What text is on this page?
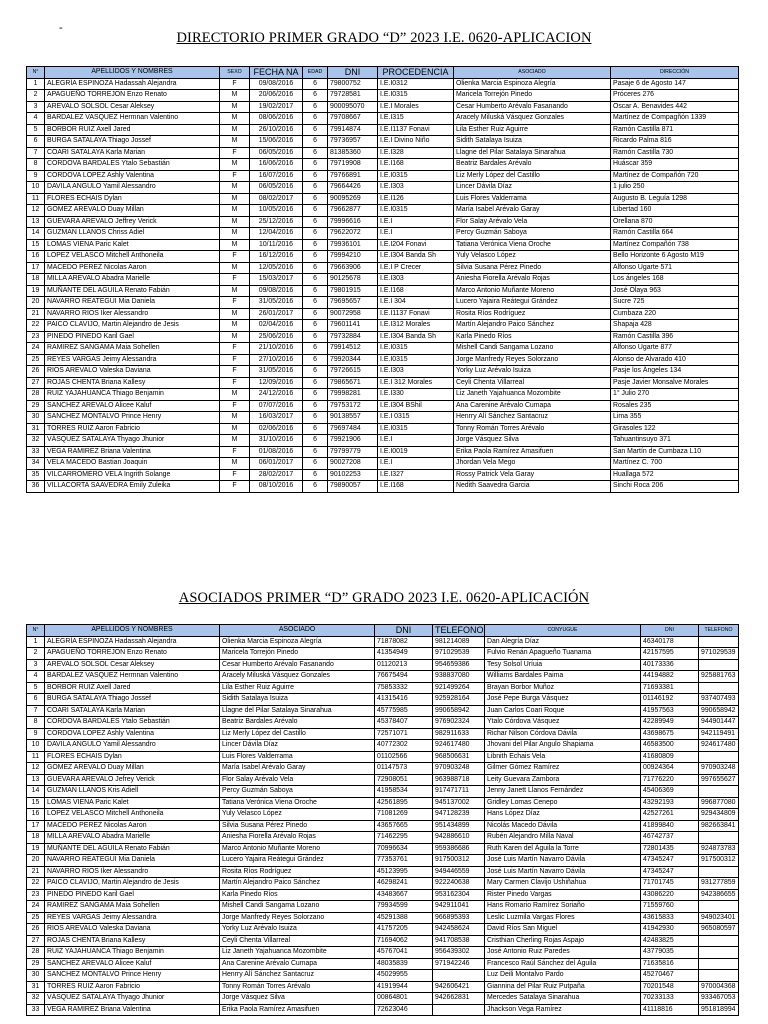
-
DIRECTORIO PRIMER GRADO “D” 2023 I.E. 0620-APLICACION
N°	APELLIDOS Y NOMBRES	SEXO	FECHA NA	EDAD	DNI	PROCEDENCIA	ASOCIADO	DIRECCIÓN
1	ALEGRÍA ESPINOZA Hadassah Alejandra	F	09/08/2016	6	79800752	I.E.I0312	Olienka Marcia Espinoza Alegría	Pasaje 6 de Agosto 147
2	APAGUEÑO TORREJON Enzo Renato	M	20/06/2016	6	79728581	I.E.I0315	Maricela Torrejón Pinedo	Próceres 276
3	AREVALO SOLSOL Cesar Aleksey	M	19/02/2017	6	900095070	I.E.I Morales	Cesar Humberto Arévalo Fasanando	Oscar A. Benavides 442
4	BARDALEZ VASQUEZ Hermnan Valentino	M	08/06/2016	6	79708667	I.E.I315	Aracely Miluská Vásquez Gonzales	Martínez de Compagñón 1339
5	BORBOR RUIZ Axell Jared	M	26/10/2016	6	79914874	I.E.I1137 Fonavi	Lila Esther Ruiz Aguirre	Ramón Castilla 871
6	BURGA SATALAYA Thiago Jossef	M	15/06/2016	6	79736957	I.E.I Divino Niño	Sidith Satalaya Isuiza	Ricardo Palma 816
7	COARI SATALAYA Karla Marian	F	06/05/2016	6	81385360	I.E.I328	Llagne del Pilar Satalaya Sinarahua	Ramón Castilla 730
8	CORDOVA BARDALES Ytalo Sebastián	M	16/06/2016	6	79719908	I.E.I168	Beatriz Bardales Arévalo	Huáscar 359
9	CORDOVA LOPEZ Ashly Valentina	F	16/07/2016	6	79766891	I.E.I0315	Liz Merly López del Castillo	Martínez de Compañón 720
10	DAVILA ANGULO Yamil Alessandro	M	06/05/2016	6	79664426	I.E.I303	Lincer Dávila Díaz	1 julio 250
11	FLORES ECHAIS Dylan	M	08/02/2017	6	90095269	I.E.I126	Luis Flores Valderrama	Augusto B. Leguía 1298
12	GÓMEZ AREVALO Duay Millan	M	10/05/2016	6	79662877	I.E.I0315	María Isabel Arévalo Garay	Libertad 160
13	GUEVARA AREVALO Jeffrey Verick	M	25/12/2016	6	79996616	I.E.I	Flor Salay Arévalo Vela	Orellana 870
14	GUZMAN LLANOS Chriss Adiel	M	12/04/2016	6	79622072	I.E.I	Percy Guzmán Saboya	Ramón Castilla 664
15	LOMAS VIENA Paric Kalet	M	10/11/2016	6	79936101	I.E.I204 Fonavi	Tatiana Verónica Viena Oroche	Martínez Compañón 738
16	LOPEZ VELASCO Mitchell Anthoneila	F	16/12/2016	6	79994210	I.E.I304 Banda Sh	Yuly Velasco López	Bello Horizonte 6 Agosto M19
17	MACEDO PEREZ Nicolas Aaron	M	12/05/2016	6	79663906	I.E.I P Crecer	Silvia Susana Pérez Pinedo	Alfonso Ugarte 571
18	MILLA AREVALO Abadra Marielle	F	15/03/2017	6	90125678	I.E.I303	Aniesha Fiorella Arévalo Rojas	Los ángeles 168
19	MUÑANTE DEL AGUILA Renato Fabián	M	09/08/2016	6	79801915	I.E.I168	Marco Antonio Muñante Moreno	José Olaya 963
20	NAVARRO REATEGUI Mia Daniela	F	31/05/2016	6	79695657	I.E.I 304	Lucero Yajaira Reátegui Grández	Sucre 725
21	NAVARRO RIOS Iker Alessandro	M	26/01/2017	6	90072958	I.E.I1137 Fonavi	Rosita Ríos Rodríguez	Cumbaza 220
22	PAICO CLAVIJO, Martin Alejandro de Jesis	M	02/04/2016	6	79601141	I.E.I312 Morales	Martín Alejandro Paico Sánchez	Shapaja 428
23	PINEDO PINEDO Karil Gael	M	25/06/2016	6	79732884	I.E.I304 Banda Sh	Karla Pinedo Ríos	Ramón Castilla 396
24	RAMIREZ SANGAMA Maia Sohellen	F	21/10/2016	6	79914512	I.E.I0315	Mishell Candi Sangama Lozano	Alfonso Ugarte 877
25	REYES VARGAS Jeimy Alessandra	F	27/10/2016	6	79920344	I.E.I0315	Jorge Manfredy Reyes Solorzano	Alonso de Alvarado 410
26	RIOS AREVALO Valeska Daviana	F	31/05/2016	6	79726615	I.E.I303	Yorky Luz Arévalo Isuiza	Pasje los Ángeles 134
27	ROJAS CHENTA Briana Kallesy	F	12/09/2016	6	79865671	I.E.I 312 Morales	Ceyli Chenta Villarreal	Pasje Javier Monsalve Morales
28	RUIZ YAJAHUANCA Thiago Benjamin	M	24/12/2016	6	79998281	I.E.I330	Liz Janeth Yajahuanca Mozombite	1° Julio 270
29	SANCHEZ AREVALO Alicee Kaluf	F	07/07/2016	6	79753172	I.E.I304 BShil	Ana Carenine Arévalo Cumapa	Rosales 235
30	SANCHEZ MONTALVO Prince Henry	M	16/03/2017	6	90138557	I.E.I 0315	Henrry Alí Sánchez Santacruz	Lima 355
31	TORRES RUIZ Aaron Fabricio	M	02/06/2016	6	79697484	I.E.I0315	Tonny Román Torres Arévalo	Girasoles 122
32	VÁSQUEZ SATALAYA Thyago Jhunior	M	31/10/2016	6	79921906	I.E.I	Jorge Vásquez Silva	Tahuantinsuyo 371
33	VEGA RAMIREZ Briana Valentina	F	01/08/2016	6	79799779	I.E.I0019	Erika Paola Ramírez Amasifuen	San Martín de Cumbaza L10
34	VELA MACEDO Bastian Joaquin	M	06/01/2017	6	90027208	I.E.I	Jhordan Vela Mego	Martínez C. 700
35	VILCARROMERO VELA Ingrith Solange	F	28/02/2017	6	90102253	I.E.I327	Rossy Patrick Vela Garay	Huallaga 572
36	VILLACORTA SAAVEDRA Emily Zuleika	F	08/10/2016	6	79890057	I.E.I168	Nedith Saavedra Garcia	Sinchi Roca 206
ASOCIADOS PRIMER “D” GRADO 2023 I.E. 0620-APLICACIÓN
N°	APELLIDOS Y NOMBRES	ASOCIADO	DNI	TELEFONO	CONYUGUE	DNI	TELEFONO
1	ALEGRÍA ESPINOZA Hadassah Alejandra	Olienka Marcia Espinoza Alegría	71878082	981214089	Dan Alegría Díaz	46340178	
2	APAGUEÑO TORREJON Enzo Renato	Maricela Torrejón Pinedo	41354949	971029539	Fulvio Renán Apagueño Tuanama	42157595	971029539
3	AREVALO SOLSOL Cesar Aleksey	Cesar Humberto Arévalo Fasanando	01120213	954659386	Tesy Solsol Uríuia	40173336	
4	BARDALEZ VASQUEZ Hermnan Valentino	Aracely Miluská Vásquez Gonzales	76675494	938837080	Williams Bardales Paima	44194882	925881763
5	BORBOR RUIZ Axell Jared	Lila Esther Ruiz Aguirre	75853332	921499264	Brayan Borbor Muñoz	71693381	
6	BURGA SATALAYA Thiago Jossef	Sidith Satalaya Isuiza	41315416	925928164	José Pepe Burga Vásquez	01146192	937407493
7	COARI SATALAYA Karla Marian	Llagne del Pilar Satalaya Sinarahua	45775985	990658942	Juan Carlos Coari Roque	41957563	990658942
8	CORDOVA BARDALES Ytalo Sebastián	Beatriz Bardales Arévalo	45378407	976902324	Ytalo Córdova Vásquez	42289949	944901447
9	CORDOVA LOPEZ Ashly Valentina	Liz Merly López del Castillo	72571071	982911633	Richar Nilson Córdova Dávila	43698675	942119491
10	DAVILA ANGULO Yamil Alessandro	Lincer Dávila Díaz	40772302	924617480	Jhovani del Pilar Angulo Shapiama	46583500	924617480
11	FLORES ECHAIS Dylan	Luis Flores Valderrama	01102566	968506631	Libnith Echais Vela	41680809	
12	GÓMEZ AREVALO Duay Millan	María Isabel Arévalo Garay	01147573	970903248	Gilmer Gómez Ramírez	00924364	970903248
13	GUEVARA AREVALO Jefrey Verick	Flor Salay Arévalo Vela	72908051	963988718	Leity Guevara Zambora	71776220	997655627
14	GUZMAN LLANOS Kris Adiell	Percy Guzmán Saboya	41958534	917471711	Jenny Janett Llanos Fernández	45406369	
15	LOMAS VIENA Paric Kalet	Tatiana Verónica Viena Oroche	42561895	945137002	Gridley Lomas Cenepo	43292193	996877080
16	LOPEZ VELASCO Mitchell Anthoneila	Yuly Velasco López	71081269	947128239	Hans López Díaz	42527261	929434809
17	MACEDO PEREZ Nicolas Aaron	Silvia Susana Pérez Pinedo	43657665	951434899	Nicolás Macedo Dávila	41899840	982663841
18	MILLA AREVALO Abadra Marielle	Aniesha Fiorella Arévalo Rojas	71462295	942886610	Rubén Alejandro Milla Naval	46742737	
19	MUÑANTE DEL AGUILA Renato Fabián	Marco Antonio Muñante Moreno	70996634	959386686	Ruth Karen del Águila la Torre	72801435	924873783
20	NAVARRO REATEGUI Mia Daniela	Lucero Yajaira Reátegui Grández	77353761	917500312	José Luis Martín Navarro Dávila	47345247	917500312
21	NAVARRO RIOS Iker Alessandro	Rosita Ríos Rodríguez	45123995	949446559	José Luis Martín Navarro Dávila	47345247	
22	PAICO CLAVIJO, Martin Alejandro de Jesis	Martín Alejandro Paico Sánchez	46298241	922240638	Mary Carmen Clavijo Ushiñahua	71701745	931277859
23	PINEDO PINEDO Karil Gael	Karla Pinedo Ríos	43483667	953162304	Rister Pinedo Vargas	43086220	942386655
24	RAMIREZ SANGAMA Maia Sohellen	Mishell Candi Sangama Lozano	79934599	942911041	Hans Romario Ramírez Soriaño	71559760	
25	REYES VARGAS Jeimy Alessandra	Jorge Manfredy Reyes Solorzano	45291388	966895393	Leslic Luzmila Vargas Flores	43615833	949023401
26	RIOS AREVALO Valeska Daviana	Yorky Luz Arévalo Isuiza	41757205	942458624	David Ríos San Miguel	41942930	965080597
27	ROJAS CHENTA Briana Kallesy	Ceyli Chenta Villarreal	71694062	941708538	Cristhian Cherling Rojas Aspajo	42483825	
28	RUIZ YAJAHUANCA Thiago Benjamin	Liz Janeth Yajahuanca Mozombite	45767041	956439302	José Antonio Ruiz Paredes	43779035	
29	SANCHEZ AREVALO Alicee Kaluf	Ana Carenine Arévalo Cumapa	48035839	971942246	Francesco Raúl Sánchez del Águila	71635816	
30	SANCHEZ MONTALVO Prince Henry	Henrry Alí Sánchez Santacruz	45029955		Luz Deili Montalvo Pardo	45270467	
31	TORRES RUIZ Aaron Fabricio	Tonny Román Torres Arévalo	41919944	942606421	Giannina del Pilar Ruiz Putpaña	70201548	970004368
32	VÁSQUEZ SATALAYA Thyago Jhunior	Jorge Vásquez Silva	00864801	942662831	Mercedes Satalaya Sinarahua	70233133	933467053
33	VEGA RAMIREZ Briana Valentina	Erika Paola Ramírez Amasifuen	72623046		Jhackson Vega Ramírez	41118816	951818994
